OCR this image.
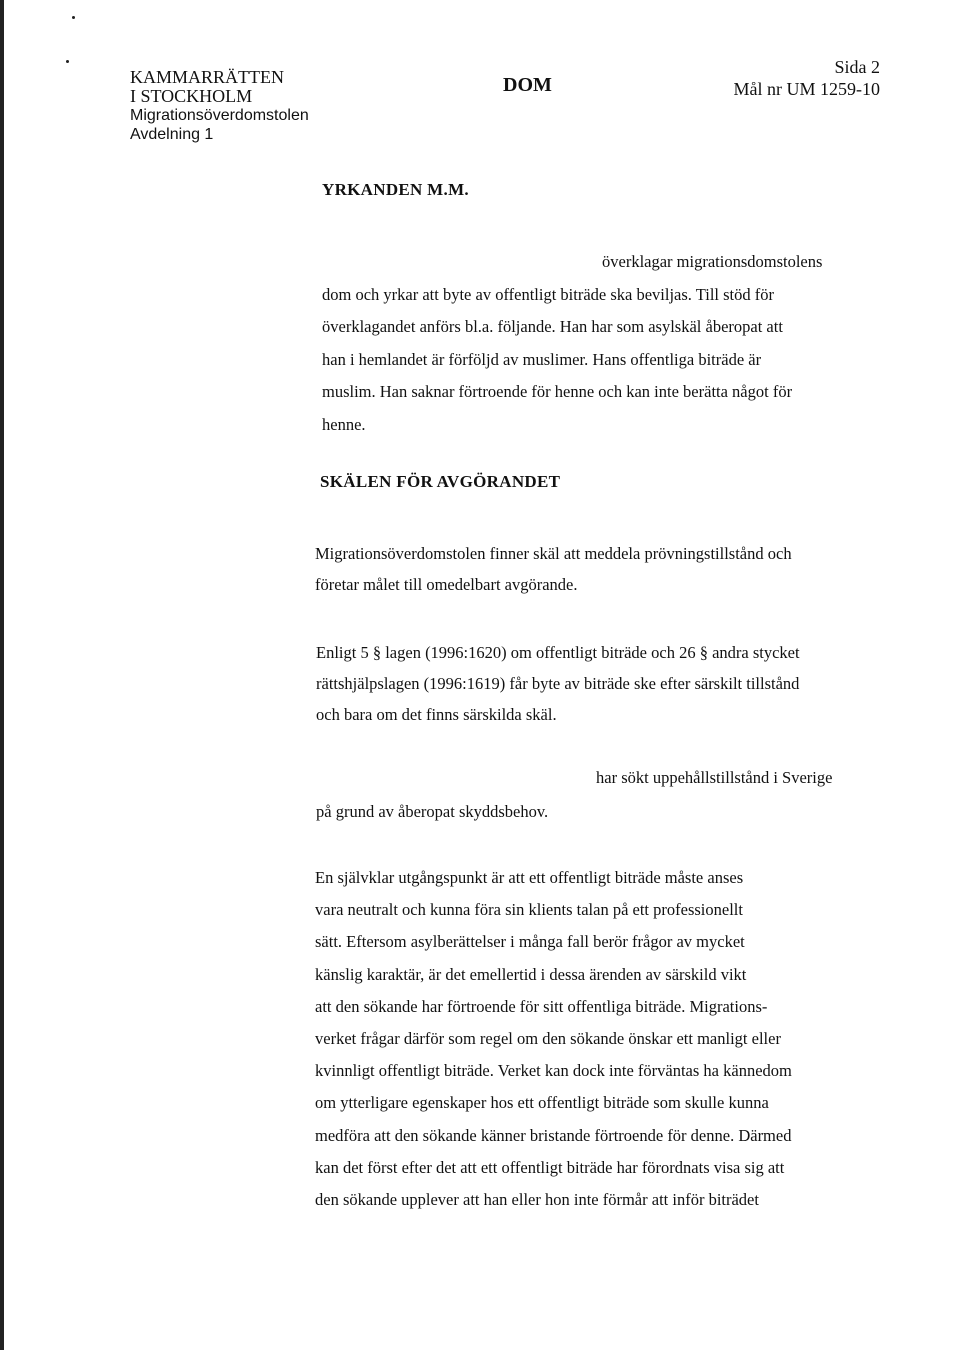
KAMMARRÄTTEN
I STOCKHOLM
Migrationsöverdomstolen
Avdelning 1
DOM
Sida 2
Mål nr UM 1259-10
YRKANDEN M.M.
överklagar migrationsdomstolens
dom och yrkar att byte av offentligt biträde ska beviljas. Till stöd för
överklagandet anförs bl.a. följande. Han har som asylskäl åberopat att
han i hemlandet är förföljd av muslimer. Hans offentliga biträde är
muslim. Han saknar förtroende för henne och kan inte berätta något för
henne.
SKÄLEN FÖR AVGÖRANDET
Migrationsöverdomstolen finner skäl att meddela prövningstillstånd och
företar målet till omedelbart avgörande.
Enligt 5 § lagen (1996:1620) om offentligt biträde och 26 § andra stycket
rättshjälpslagen (1996:1619) får byte av biträde ske efter särskilt tillstånd
och bara om det finns särskilda skäl.
har sökt uppehållstillstånd i Sverige
på grund av åberopat skyddsbehov.
En självklar utgångspunkt är att ett offentligt biträde måste anses
vara neutralt och kunna föra sin klients talan på ett professionellt
sätt. Eftersom asylberättelser i många fall berör frågor av mycket
känslig karaktär, är det emellertid i dessa ärenden av särskild vikt
att den sökande har förtroende för sitt offentliga biträde. Migrations-
verket frågar därför som regel om den sökande önskar ett manligt eller
kvinnligt offentligt biträde. Verket kan dock inte förväntas ha kännedom
om ytterligare egenskaper hos ett offentligt biträde som skulle kunna
medföra att den sökande känner bristande förtroende för denne. Därmed
kan det först efter det att ett offentligt biträde har förordnats visa sig att
den sökande upplever att han eller hon inte förmår att inför biträdet
